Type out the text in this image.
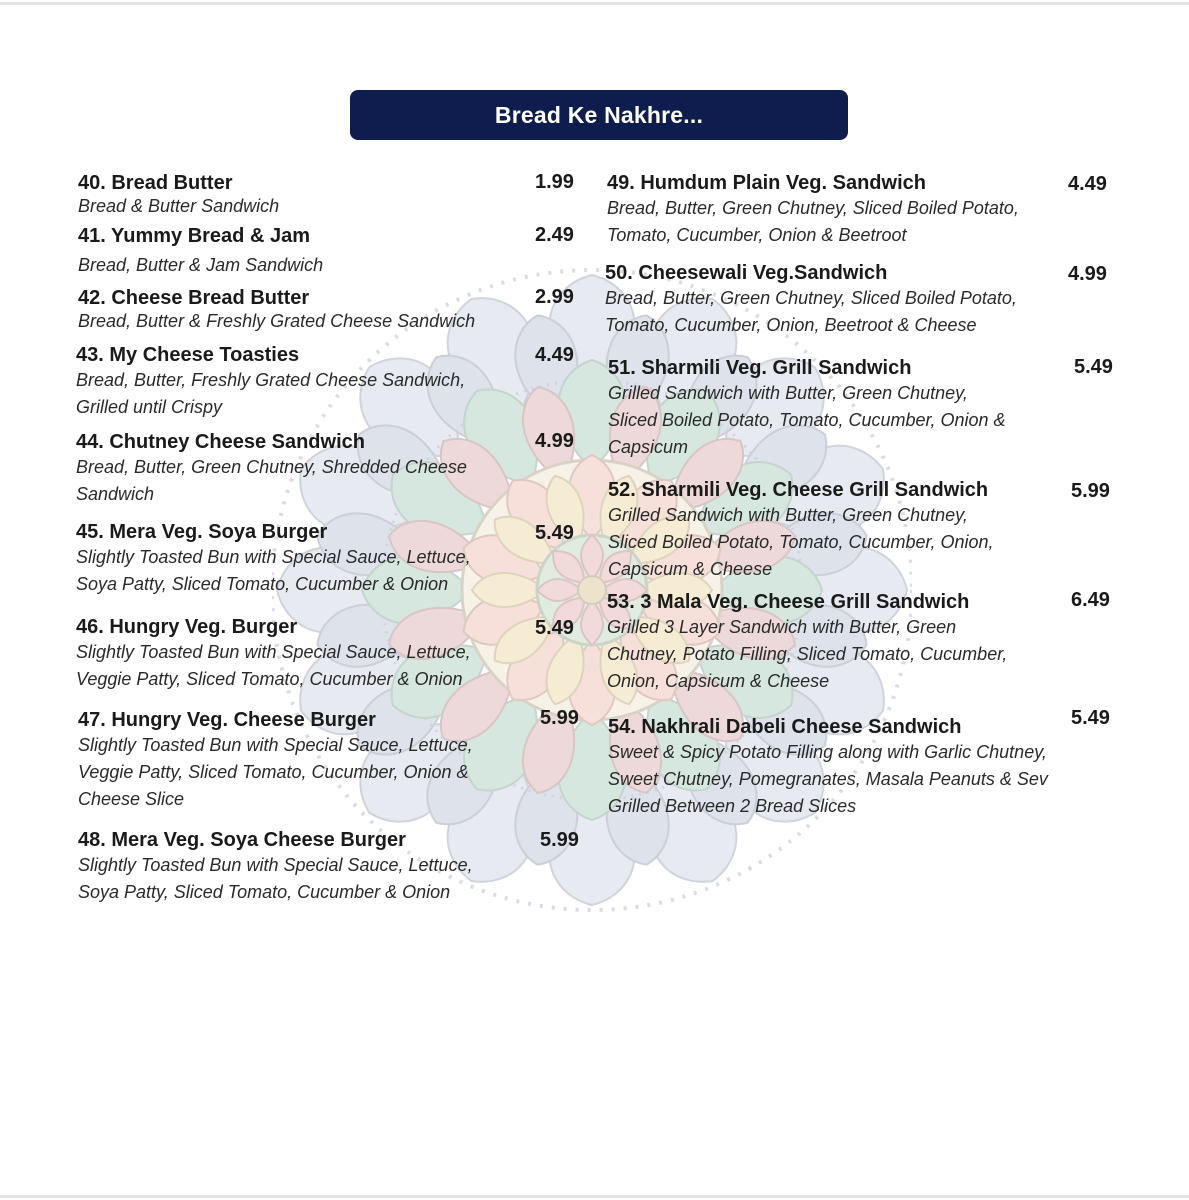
Bread Ke Nakhre...
40. Bread Butter
Bread & Butter Sandwich
1.99
41. Yummy Bread & Jam
Bread, Butter & Jam Sandwich
2.49
42. Cheese Bread Butter
Bread, Butter & Freshly Grated Cheese Sandwich
2.99
43. My Cheese Toasties
Bread, Butter, Freshly Grated Cheese Sandwich,
Grilled until Crispy
4.49
44. Chutney Cheese Sandwich
Bread, Butter, Green Chutney, Shredded Cheese
Sandwich
4.99
45. Mera Veg. Soya Burger
Slightly Toasted Bun with Special Sauce, Lettuce,
Soya Patty, Sliced Tomato, Cucumber & Onion
5.49
46. Hungry Veg. Burger
Slightly Toasted Bun with Special Sauce, Lettuce,
Veggie Patty, Sliced Tomato, Cucumber & Onion
5.49
47. Hungry Veg. Cheese Burger
Slightly Toasted Bun with Special Sauce, Lettuce,
Veggie Patty, Sliced Tomato, Cucumber, Onion &
Cheese Slice
5.99
48. Mera Veg. Soya Cheese Burger
Slightly Toasted Bun with Special Sauce, Lettuce,
Soya Patty, Sliced Tomato, Cucumber & Onion
5.99
49. Humdum Plain Veg. Sandwich
Bread, Butter, Green Chutney, Sliced Boiled Potato,
Tomato, Cucumber, Onion & Beetroot
4.49
50. Cheesewali Veg.Sandwich
Bread, Butter, Green Chutney, Sliced Boiled Potato,
Tomato, Cucumber, Onion, Beetroot & Cheese
4.99
51. Sharmili Veg. Grill Sandwich
Grilled Sandwich with Butter, Green Chutney,
Sliced Boiled Potato, Tomato, Cucumber, Onion &
Capsicum
5.49
52. Sharmili Veg. Cheese Grill Sandwich
Grilled Sandwich with Butter, Green Chutney,
Sliced Boiled Potato, Tomato, Cucumber, Onion,
Capsicum & Cheese
5.99
53. 3 Mala Veg. Cheese Grill Sandwich
Grilled 3 Layer Sandwich with Butter, Green
Chutney, Potato Filling, Sliced Tomato, Cucumber,
Onion, Capsicum & Cheese
6.49
54. Nakhrali Dabeli Cheese Sandwich
Sweet & Spicy Potato Filling along with Garlic Chutney,
Sweet Chutney, Pomegranates, Masala Peanuts & Sev
Grilled Between 2 Bread Slices
5.49
